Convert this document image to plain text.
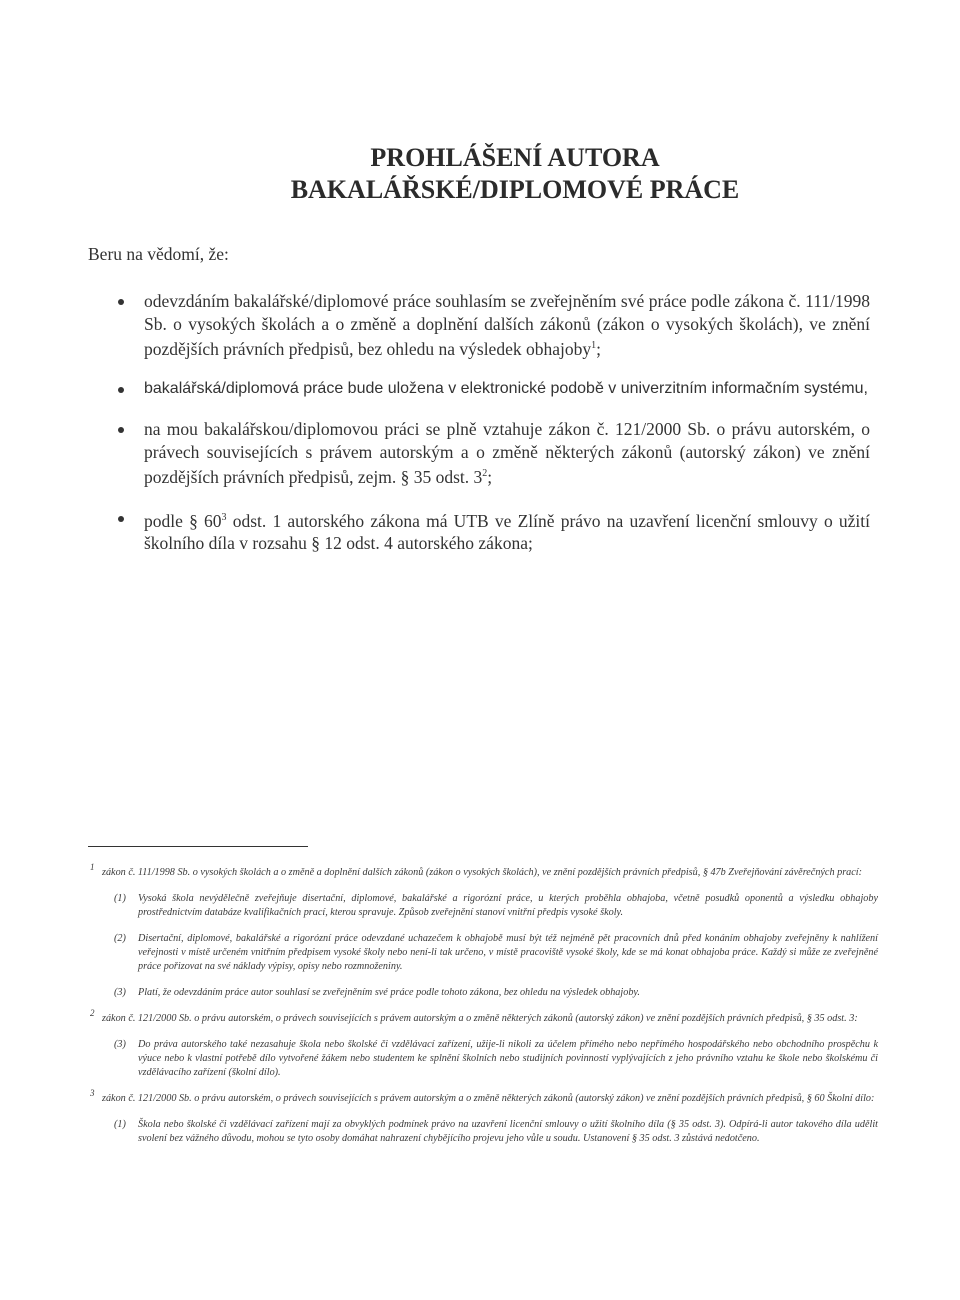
PROHLÁŠENÍ AUTORA
BAKALÁŘSKÉ/DIPLOMOVÉ PRÁCE
Beru na vědomí, že:
odevzdáním bakalářské/diplomové práce souhlasím se zveřejněním své práce podle zákona č. 111/1998 Sb. o vysokých školách a o změně a doplnění dalších zákonů (zákon o vysokých školách), ve znění pozdějších právních předpisů, bez ohledu na výsledek obhajoby$^1$;
bakalářská/diplomová práce bude uložena v elektronické podobě v univerzitním informačním systému,
na mou bakalářskou/diplomovou práci se plně vztahuje zákon č. 121/2000 Sb. o právu autorském, o právech souvisejících s právem autorským a o změně některých zákonů (autorský zákon) ve znění pozdějších právních předpisů, zejm. § 35 odst. $3^2$;
podle § $60^3$ odst. 1 autorského zákona má UTB ve Zlíně právo na uzavření licenční smlouvy o užití školního díla v rozsahu § 12 odst. 4 autorského zákona;
1 zákon č. 111/1998 Sb. o vysokých školách a o změně a doplnění dalších zákonů (zákon o vysokých školách), ve znění pozdějších právních předpisů, § 47b Zveřejňování závěrečných prací:
(1) Vysoká škola nevýdělečně zveřejňuje disertační, diplomové, bakalářské a rigorózní práce, u kterých proběhla obhajoba, včetně posudků oponentů a výsledku obhajoby prostřednictvím databáze kvalifikačních prací, kterou spravuje. Způsob zveřejnění stanoví vnitřní předpis vysoké školy.
(2) Disertační, diplomové, bakalářské a rigorózní práce odevzdané uchazečem k obhajobě musí být též nejméně pět pracovních dnů před konáním obhajoby zveřejněny k nahlížení veřejnosti v místě určeném vnitřním předpisem vysoké školy nebo není-li tak určeno, v místě pracoviště vysoké školy, kde se má konat obhajoba práce. Každý si může ze zveřejněné práce pořizovat na své náklady výpisy, opisy nebo rozmnoženiny.
(3) Platí, že odevzdáním práce autor souhlasí se zveřejněním své práce podle tohoto zákona, bez ohledu na výsledek obhajoby.
2 zákon č. 121/2000 Sb. o právu autorském, o právech souvisejících s právem autorským a o změně některých zákonů (autorský zákon) ve znění pozdějších právních předpisů, § 35 odst. 3:
(3) Do práva autorského také nezasahuje škola nebo školské či vzdělávací zařízení, užije-li nikoli za účelem přímého nebo nepřímého hospodářského nebo obchodního prospěchu k výuce nebo k vlastní potřebě dílo vytvořené žákem nebo studentem ke splnění školních nebo studijních povinností vyplývajících z jeho právního vztahu ke škole nebo školskému či vzdělávacího zařízení (školní dílo).
3 zákon č. 121/2000 Sb. o právu autorském, o právech souvisejících s právem autorským a o změně některých zákonů (autorský zákon) ve znění pozdějších právních předpisů, § 60 Školní dílo:
(1) Škola nebo školské či vzdělávací zařízení mají za obvyklých podmínek právo na uzavření licenční smlouvy o užití školního díla (§ 35 odst. 3). Odpírá-li autor takového díla udělit svolení bez vážného důvodu, mohou se tyto osoby domáhat nahrazení chybějícího projevu jeho vůle u soudu. Ustanovení § 35 odst. 3 zůstává nedotčeno.
